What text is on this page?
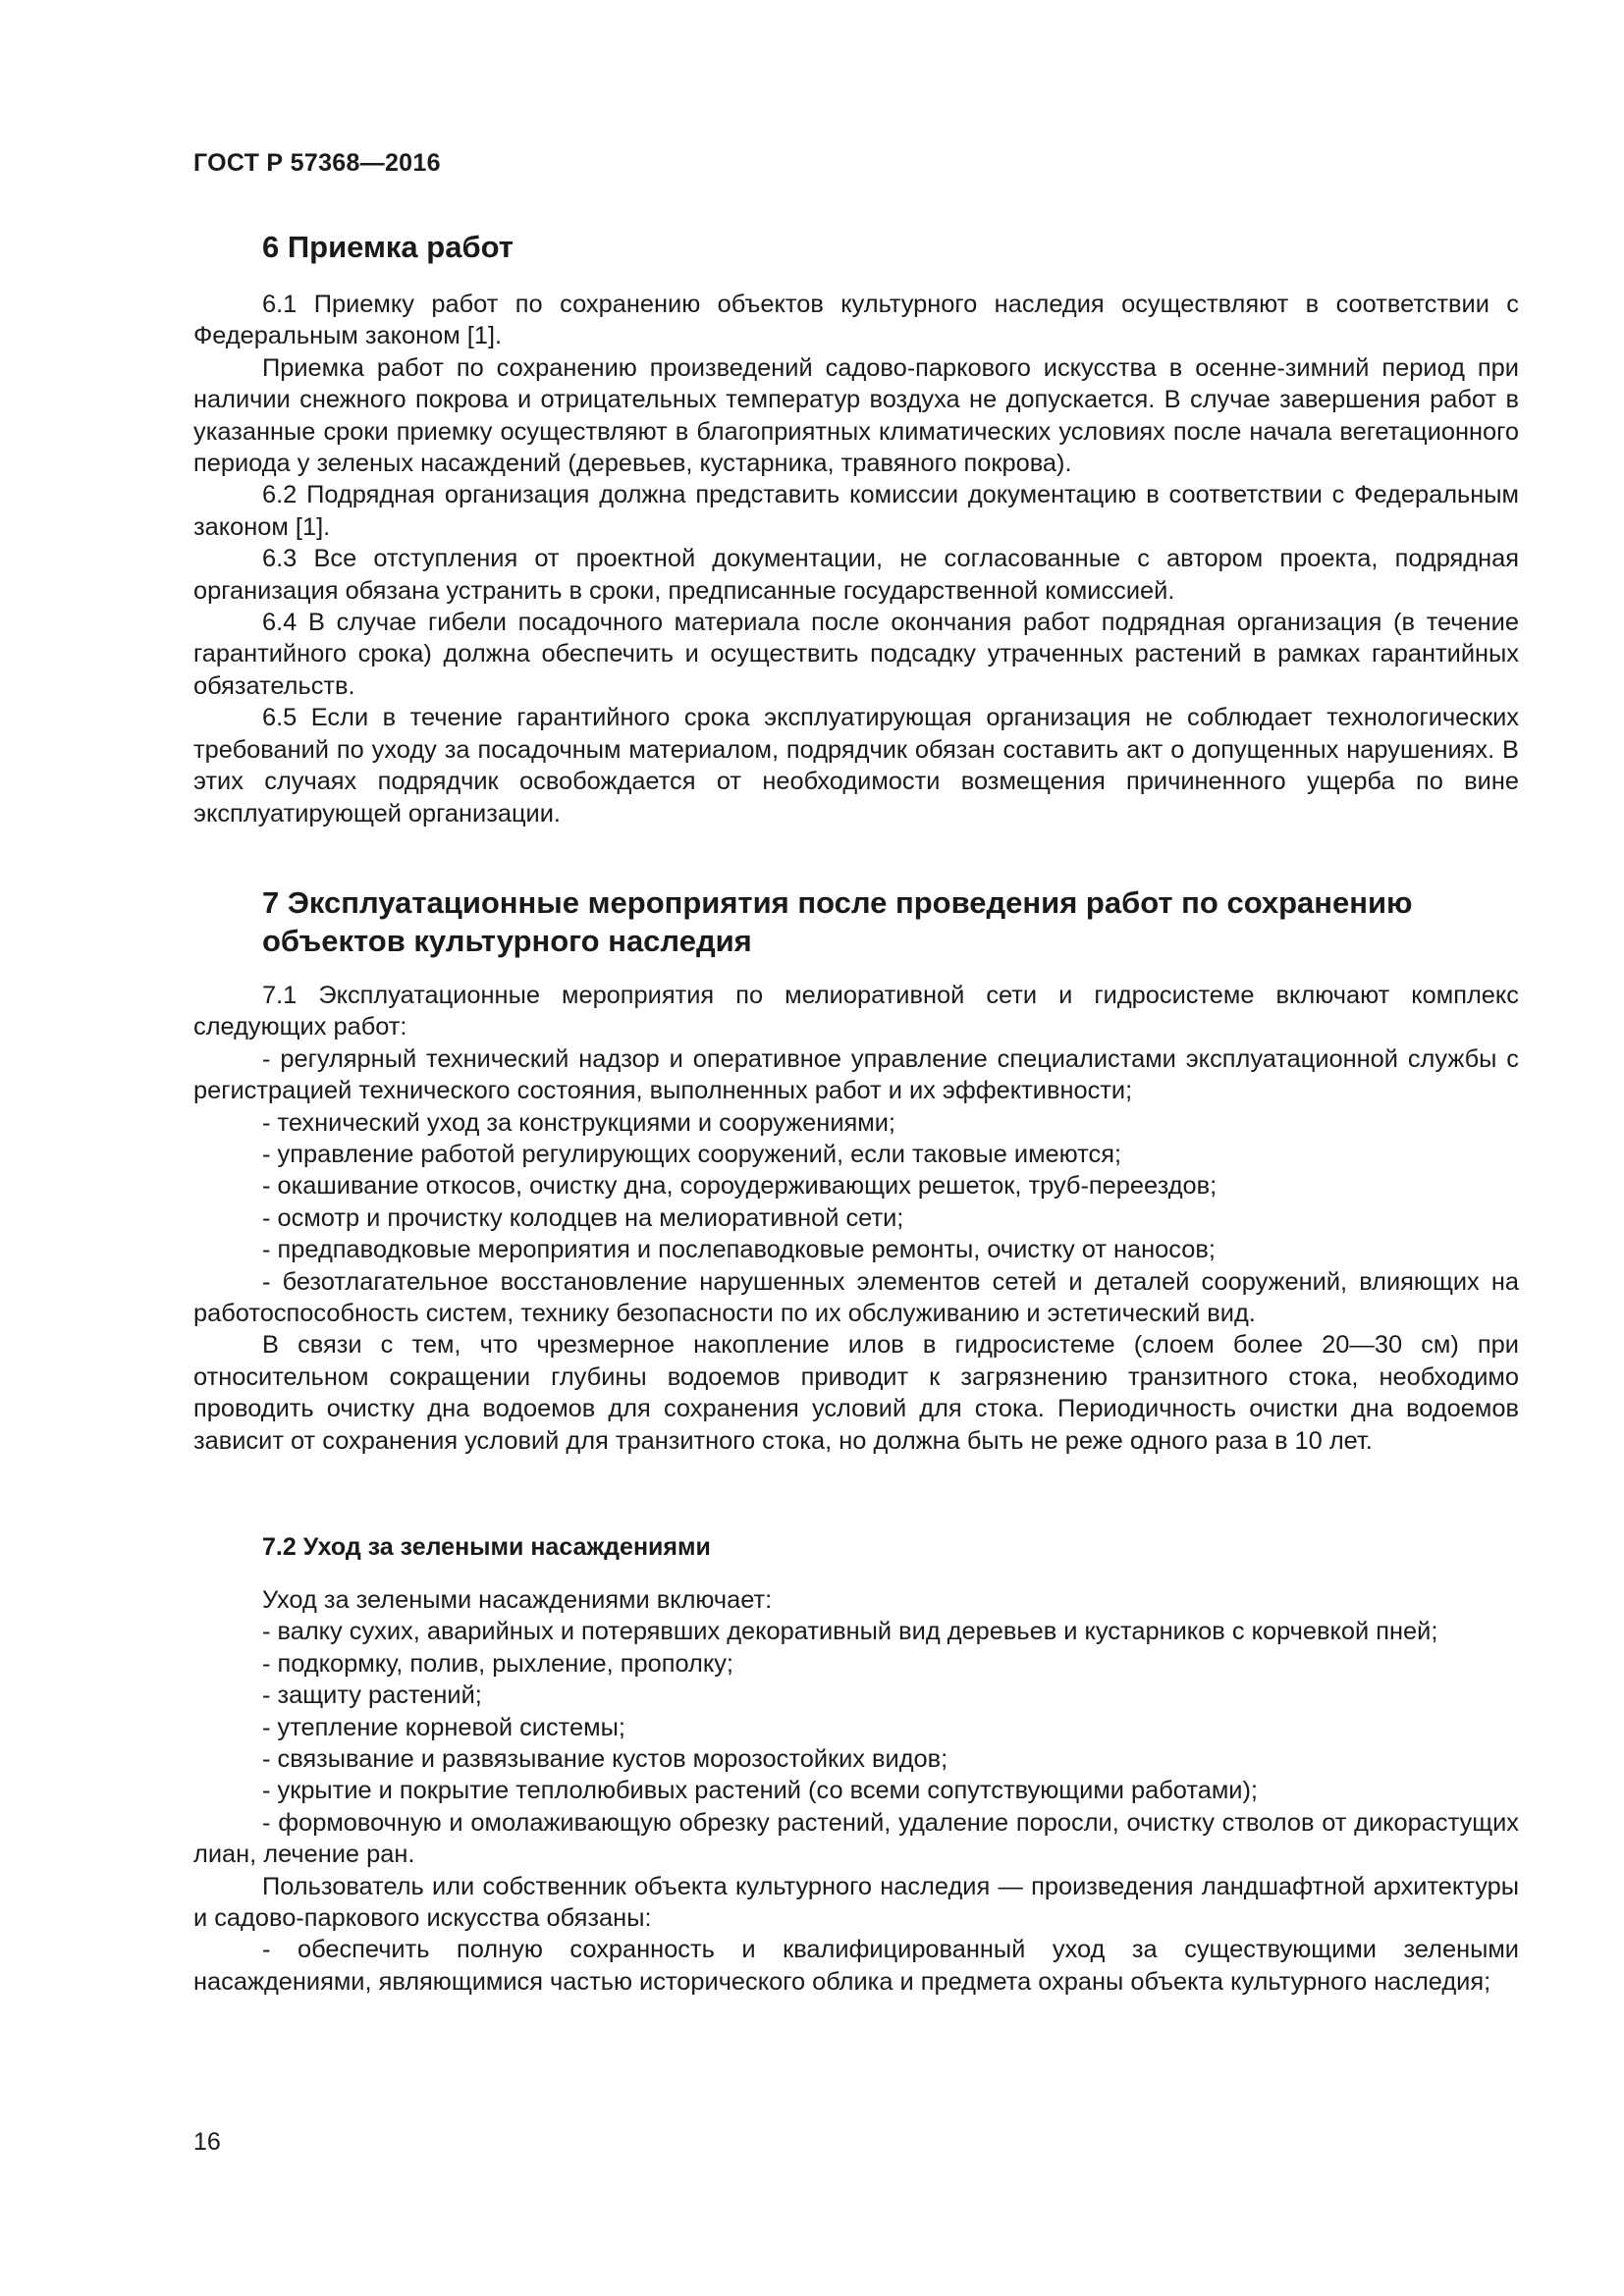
ГОСТ Р 57368—2016

6 Приемка работ

6.1 Приемку работ по сохранению объектов культурного наследия осуществляют в соответствии с Федеральным законом [1].

Приемка работ по сохранению произведений садово-паркового искусства в осенне-зимний период при наличии снежного покрова и отрицательных температур воздуха не допускается. В случае завершения работ в указанные сроки приемку осуществляют в благоприятных климатических условиях после начала вегетационного периода у зеленых насаждений (деревьев, кустарника, травяного покрова).

6.2 Подрядная организация должна представить комиссии документацию в соответствии с Федеральным законом [1].

6.3 Все отступления от проектной документации, не согласованные с автором проекта, подрядная организация обязана устранить в сроки, предписанные государственной комиссией.

6.4 В случае гибели посадочного материала после окончания работ подрядная организация (в течение гарантийного срока) должна обеспечить и осуществить подсадку утраченных растений в рамках гарантийных обязательств.

6.5 Если в течение гарантийного срока эксплуатирующая организация не соблюдает технологических требований по уходу за посадочным материалом, подрядчик обязан составить акт о допущенных нарушениях. В этих случаях подрядчик освобождается от необходимости возмещения причиненного ущерба по вине эксплуатирующей организации.

7 Эксплуатационные мероприятия после проведения работ по сохранению объектов культурного наследия

7.1 Эксплуатационные мероприятия по мелиоративной сети и гидросистеме включают комплекс следующих работ:

- регулярный технический надзор и оперативное управление специалистами эксплуатационной службы с регистрацией технического состояния, выполненных работ и их эффективности;

- технический уход за конструкциями и сооружениями;

- управление работой регулирующих сооружений, если таковые имеются;

- окашивание откосов, очистку дна, сороудерживающих решеток, труб-переездов;

- осмотр и прочистку колодцев на мелиоративной сети;

- предпаводковые мероприятия и послепаводковые ремонты, очистку от наносов;

- безотлагательное восстановление нарушенных элементов сетей и деталей сооружений, влияющих на работоспособность систем, технику безопасности по их обслуживанию и эстетический вид.

В связи с тем, что чрезмерное накопление илов в гидросистеме (слоем более 20—30 см) при относительном сокращении глубины водоемов приводит к загрязнению транзитного стока, необходимо проводить очистку дна водоемов для сохранения условий для стока. Периодичность очистки дна водоемов зависит от сохранения условий для транзитного стока, но должна быть не реже одного раза в 10 лет.

7.2 Уход за зелеными насаждениями

Уход за зелеными насаждениями включает:

- валку сухих, аварийных и потерявших декоративный вид деревьев и кустарников с корчевкой пней;

- подкормку, полив, рыхление, прополку;

- защиту растений;

- утепление корневой системы;

- связывание и развязывание кустов морозостойких видов;

- укрытие и покрытие теплолюбивых растений (со всеми сопутствующими работами);

- формовочную и омолаживающую обрезку растений, удаление поросли, очистку стволов от дикорастущих лиан, лечение ран.

Пользователь или собственник объекта культурного наследия — произведения ландшафтной архитектуры и садово-паркового искусства обязаны:

- обеспечить полную сохранность и квалифицированный уход за существующими зелеными насаждениями, являющимися частью исторического облика и предмета охраны объекта культурного наследия;

16
